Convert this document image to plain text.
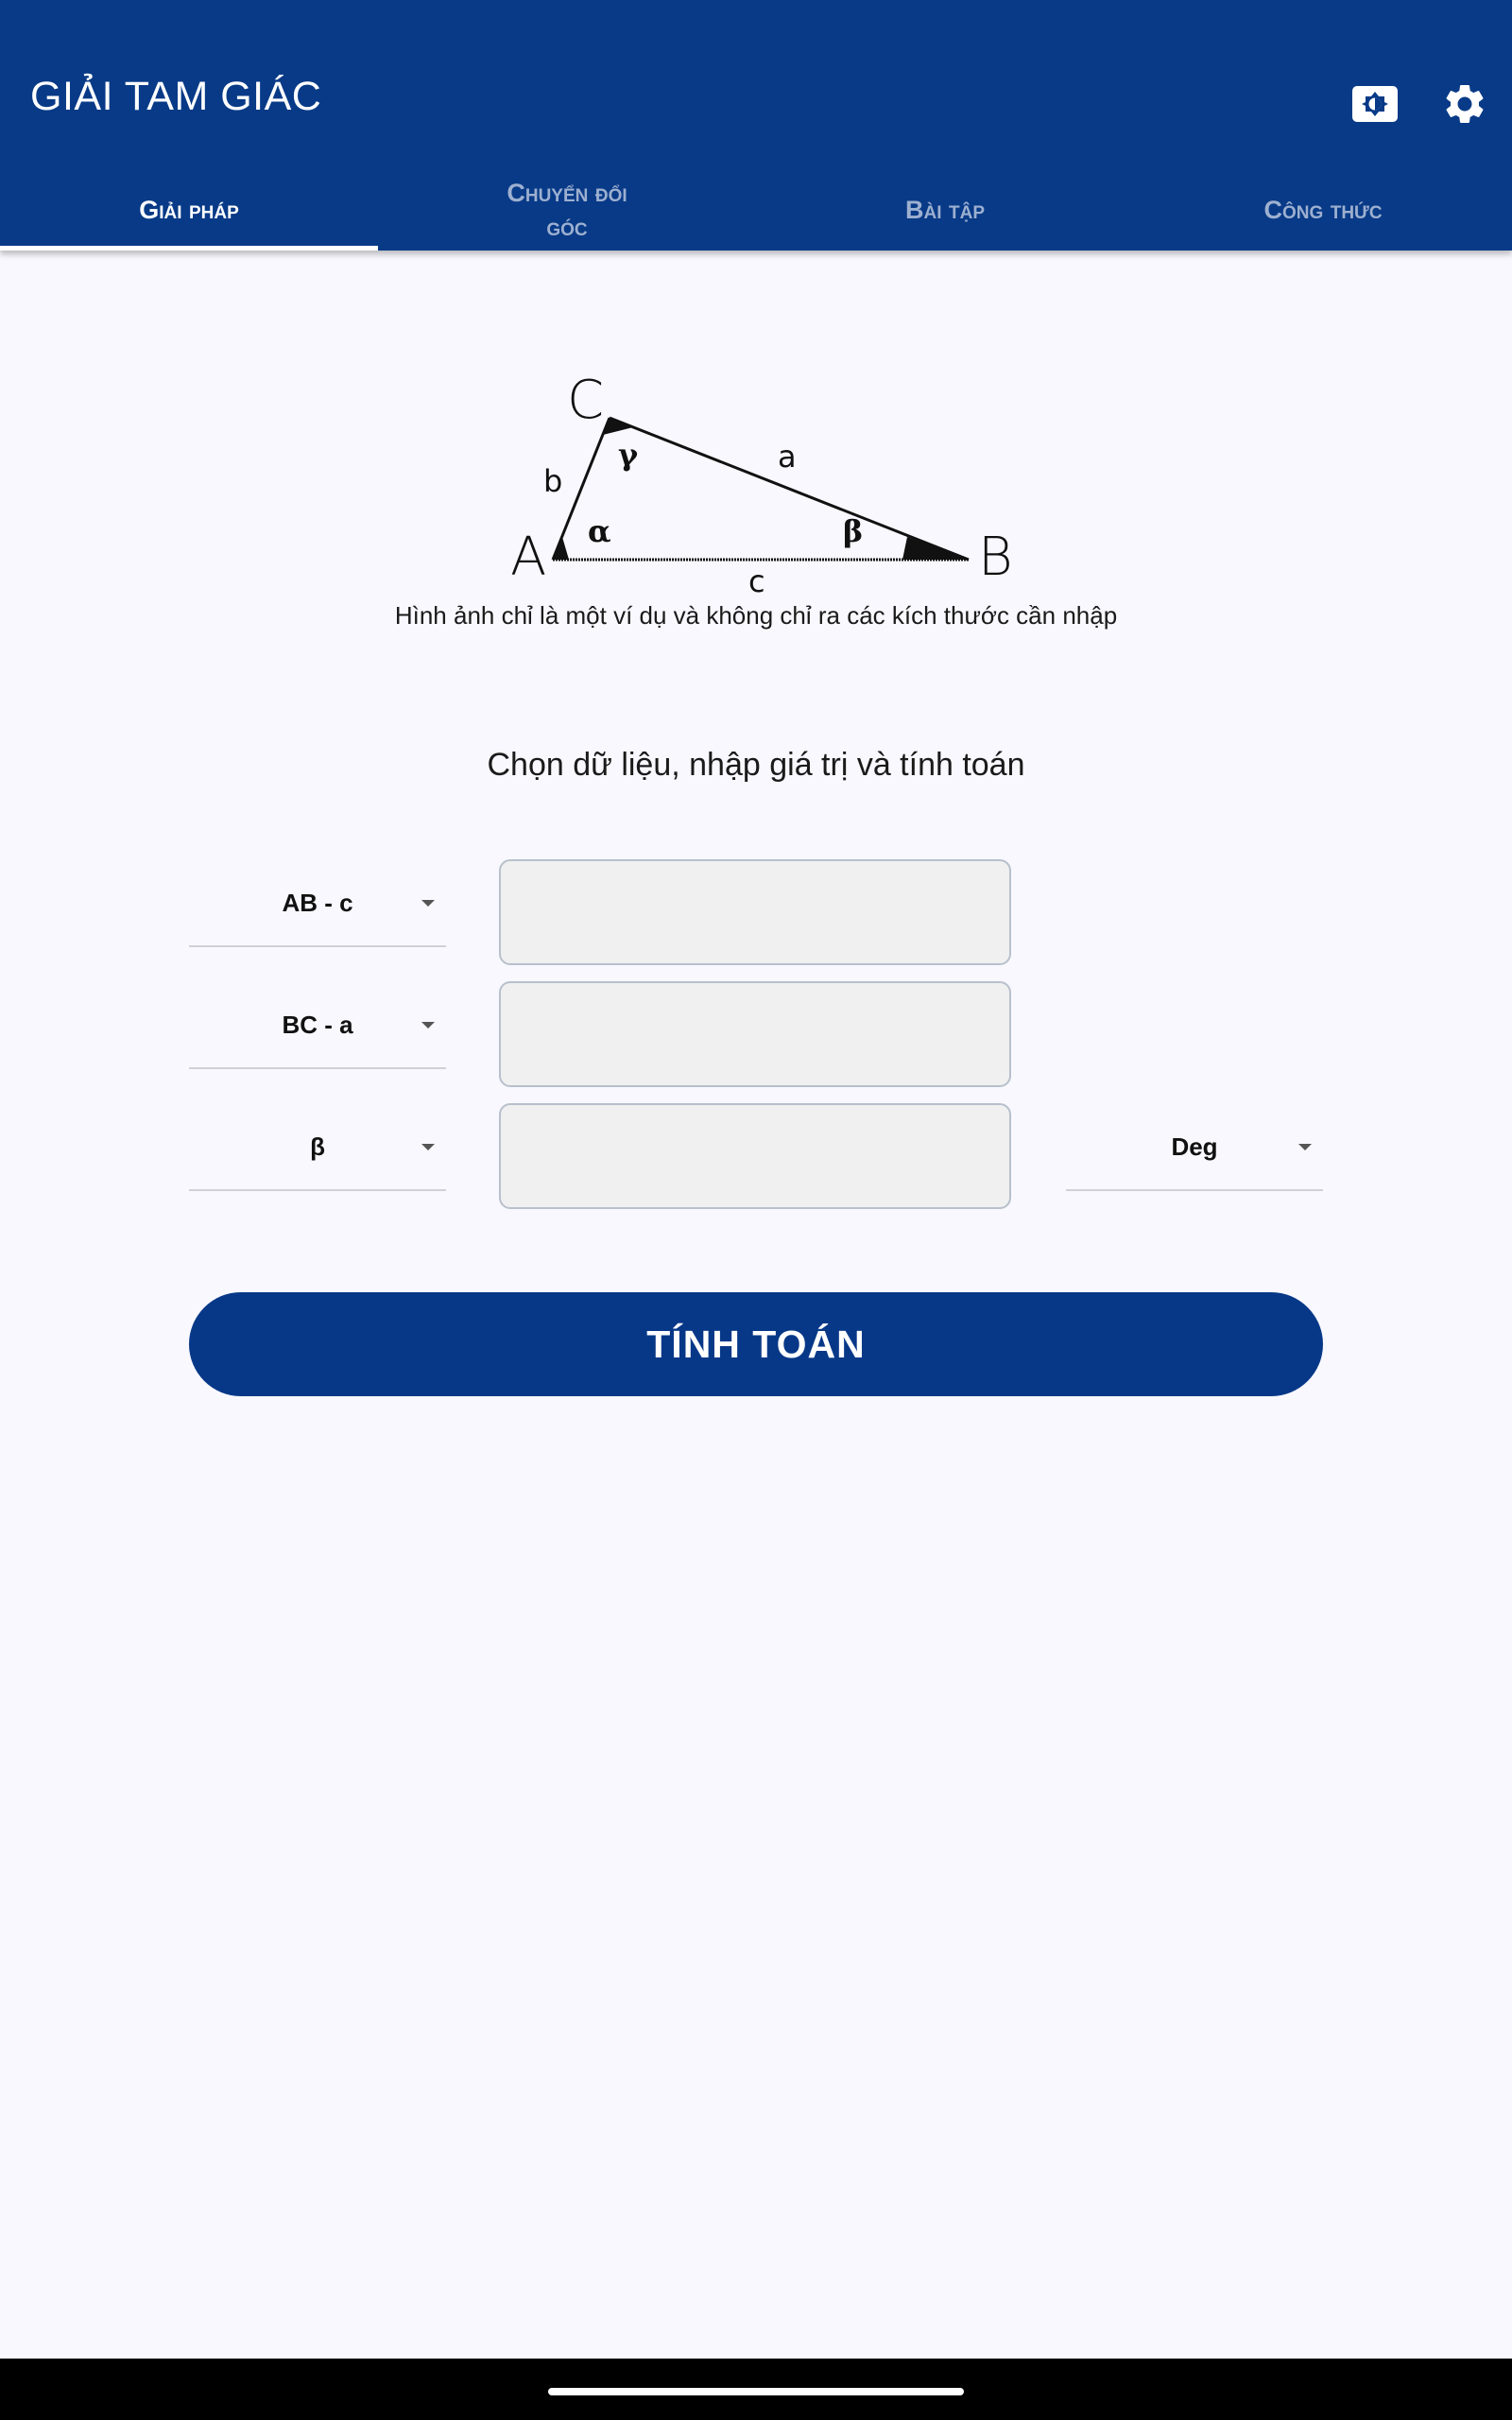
GIẢI TAM GIÁC
Giải pháp
Chuyển đổi góc
Bài tập	Công thức
A	B
C
a
b
c
α	β
γ
Hình ảnh chỉ là một ví dụ và không chỉ ra các kích thước cần nhập
Chọn dữ liệu, nhập giá trị và tính toán
AB - c
BC - a
β	Deg
TÍNH TOÁN
